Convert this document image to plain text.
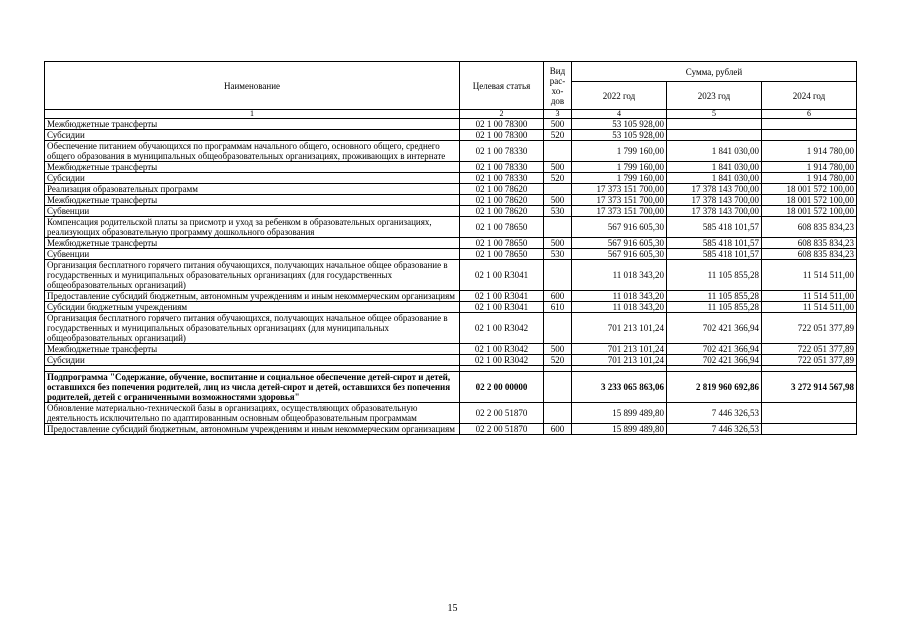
Наименование	Целевая статья	Вид рас-хо-дов	Сумма, рублей		
			2022 год	2023 год	2024 год
1	2	3	4	5	6
Межбюджетные трансферты	02 1 00 78300	500	53 105 928,00		
Субсидии	02 1 00 78300	520	53 105 928,00		
Обеспечение питанием обучающихся по программам начального общего, основного общего, среднего общего образования в муниципальных общеобразовательных организациях, проживающих в интернате	02 1 00 78330		1 799 160,00	1 841 030,00	1 914 780,00
Межбюджетные трансферты	02 1 00 78330	500	1 799 160,00	1 841 030,00	1 914 780,00
Субсидии	02 1 00 78330	520	1 799 160,00	1 841 030,00	1 914 780,00
Реализация образовательных программ	02 1 00 78620		17 373 151 700,00	17 378 143 700,00	18 001 572 100,00
Межбюджетные трансферты	02 1 00 78620	500	17 373 151 700,00	17 378 143 700,00	18 001 572 100,00
Субвенции	02 1 00 78620	530	17 373 151 700,00	17 378 143 700,00	18 001 572 100,00
Компенсация родительской платы за присмотр и уход за ребенком в образовательных организациях, реализующих образовательную программу дошкольного образования	02 1 00 78650		567 916 605,30	585 418 101,57	608 835 834,23
Межбюджетные трансферты	02 1 00 78650	500	567 916 605,30	585 418 101,57	608 835 834,23
Субвенции	02 1 00 78650	530	567 916 605,30	585 418 101,57	608 835 834,23
Организация бесплатного горячего питания обучающихся, получающих начальное общее образование в государственных и муниципальных образовательных организациях (для государственных общеобразовательных организаций)	02 1 00 R3041		11 018 343,20	11 105 855,28	11 514 511,00
Предоставление субсидий бюджетным, автономным учреждениям и иным некоммерческим организациям	02 1 00 R3041	600	11 018 343,20	11 105 855,28	11 514 511,00
Субсидии бюджетным учреждениям	02 1 00 R3041	610	11 018 343,20	11 105 855,28	11 514 511,00
Организация бесплатного горячего питания обучающихся, получающих начальное общее образование в государственных и муниципальных образовательных организациях (для муниципальных общеобразовательных организаций)	02 1 00 R3042		701 213 101,24	702 421 366,94	722 051 377,89
Межбюджетные трансферты	02 1 00 R3042	500	701 213 101,24	702 421 366,94	722 051 377,89
Субсидии	02 1 00 R3042	520	701 213 101,24	702 421 366,94	722 051 377,89

Подпрограмма "Содержание, обучение, воспитание и социальное обеспечение детей-сирот и детей, оставшихся без попечения родителей, лиц из числа детей-сирот и детей, оставшихся без попечения родителей, детей с ограниченными возможностями здоровья"	02 2 00 00000		3 233 065 863,06	2 819 960 692,86	3 272 914 567,98
Обновление материально-технической базы в организациях, осуществляющих образовательную деятельность исключительно по адаптированным основным общеобразовательным программам	02 2 00 51870		15 899 489,80	7 446 326,53	
Предоставление субсидий бюджетным, автономным учреждениям и иным некоммерческим организациям	02 2 00 51870	600	15 899 489,80	7 446 326,53	
15
